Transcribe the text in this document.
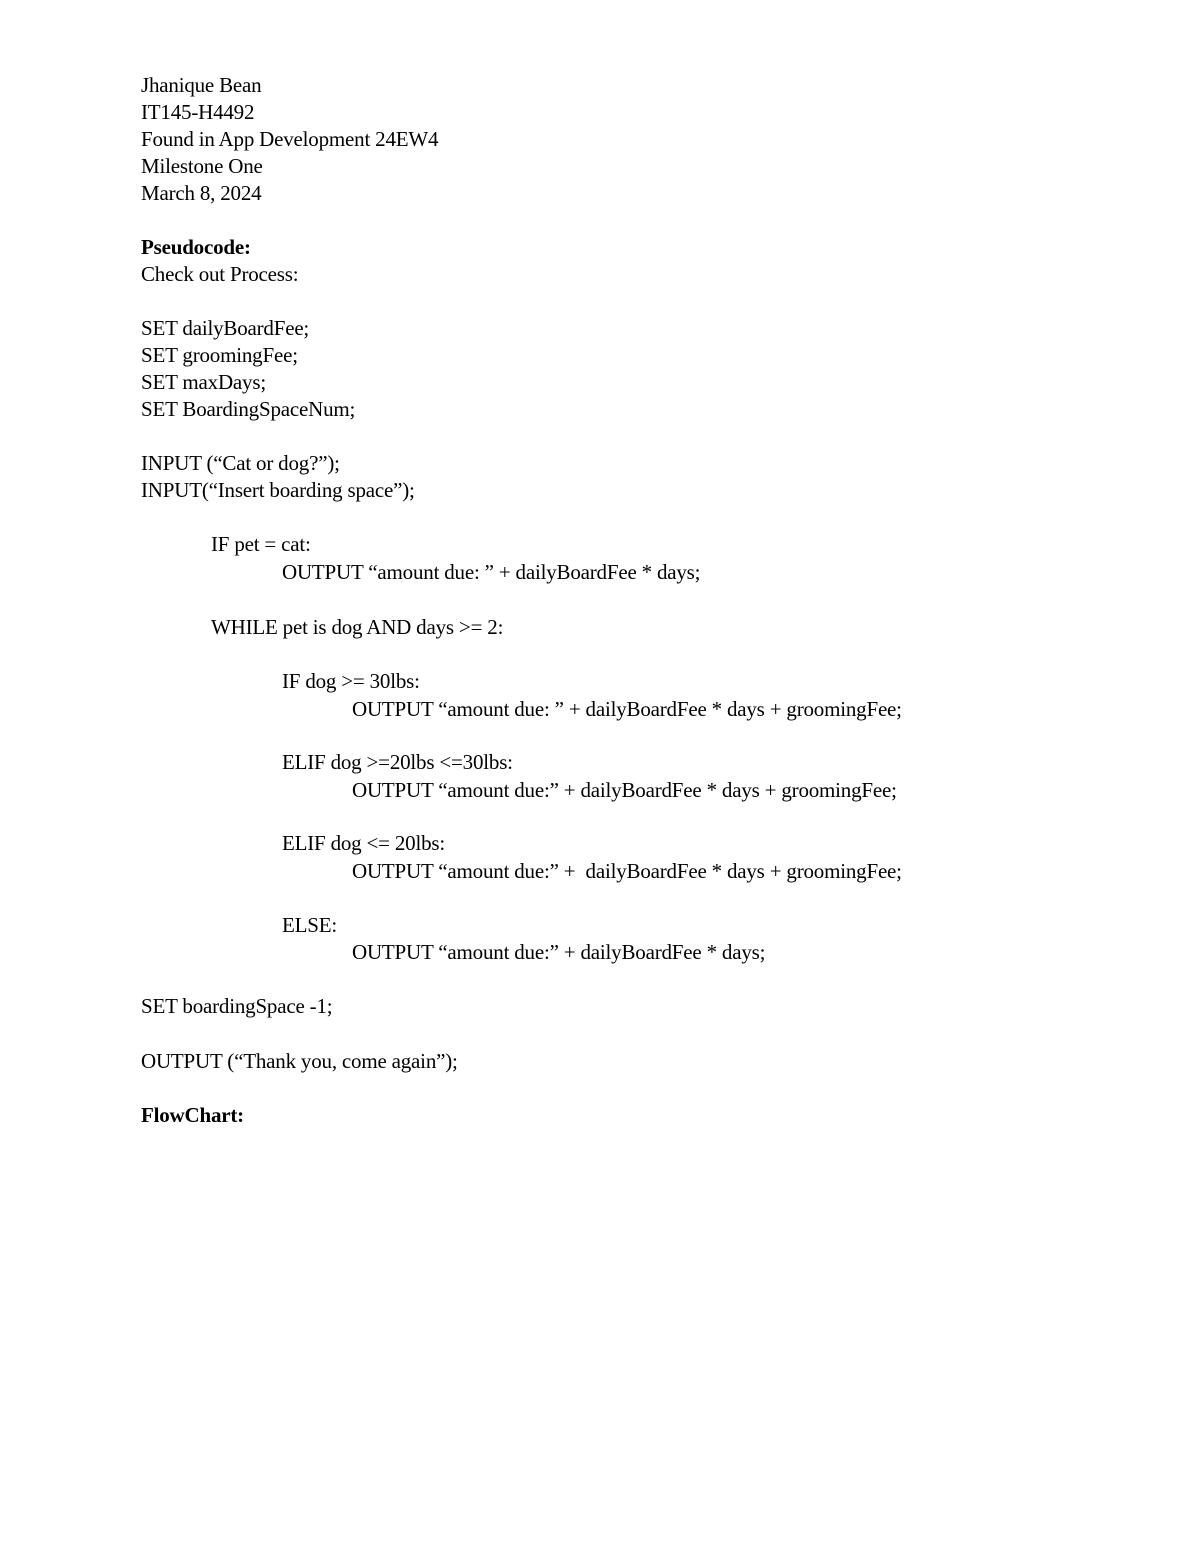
Jhanique Bean
IT145-H4492
Found in App Development 24EW4
Milestone One
March 8, 2024
Pseudocode:
Check out Process:
SET dailyBoardFee;
SET groomingFee;
SET maxDays;
SET BoardingSpaceNum;
INPUT (“Cat or dog?”);
INPUT(“Insert boarding space”);
IF pet = cat:
OUTPUT “amount due: ” + dailyBoardFee * days;
WHILE pet is dog AND days >= 2:
IF dog >= 30lbs:
OUTPUT “amount due: ” + dailyBoardFee * days + groomingFee;
ELIF dog >=20lbs <=30lbs:
OUTPUT “amount due:” + dailyBoardFee * days + groomingFee;
ELIF dog <= 20lbs:
OUTPUT “amount due:” +  dailyBoardFee * days + groomingFee;
ELSE:
OUTPUT “amount due:” + dailyBoardFee * days;
SET boardingSpace -1;
OUTPUT (“Thank you, come again”);
FlowChart:
